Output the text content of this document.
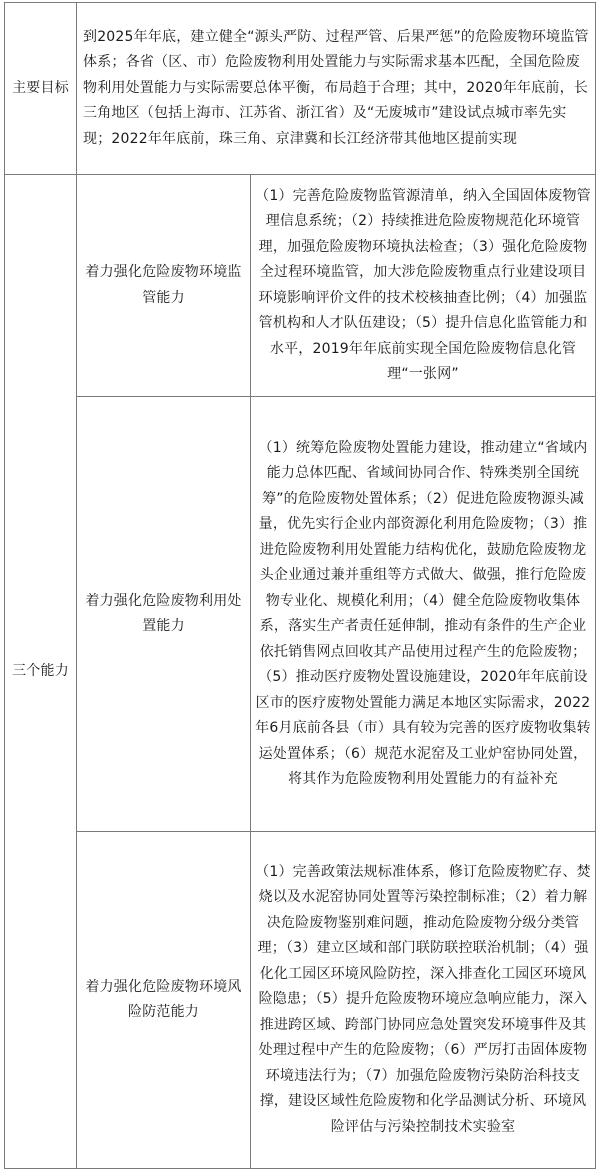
主要目标	到2025年年底，建立健全“源头严防、过程严管、后果严惩”的危险废物环境监管体系；各省（区、市）危险废物利用处置能力与实际需求基本匹配，全国危险废物利用处置能力与实际需要总体平衡，布局趋于合理；其中，2020年年底前，长三角地区（包括上海市、江苏省、浙江省）及“无废城市”建设试点城市率先实现；2022年年底前，珠三角、京津冀和长江经济带其他地区提前实现	
三个能力	着力强化危险废物环境监管能力	（1）完善危险废物监管源清单，纳入全国固体废物管理信息系统；（2）持续推进危险废物规范化环境管理，加强危险废物环境执法检查；（3）强化危险废物全过程环境监管，加大涉危险废物重点行业建设项目环境影响评价文件的技术校核抽查比例；（4）加强监管机构和人才队伍建设；（5）提升信息化监管能力和水平，2019年年底前实现全国危险废物信息化管理“一张网”
	着力强化危险废物利用处置能力	（1）统筹危险废物处置能力建设，推动建立“省域内能力总体匹配、省域间协同合作、特殊类别全国统筹”的危险废物处置体系；（2）促进危险废物源头减量，优先实行企业内部资源化利用危险废物；（3）推进危险废物利用处置能力结构优化，鼓励危险废物龙头企业通过兼并重组等方式做大、做强，推行危险废物专业化、规模化利用；（4）健全危险废物收集体系，落实生产者责任延伸制，推动有条件的生产企业依托销售网点回收其产品使用过程产生的危险废物；（5）推动医疗废物处置设施建设，2020年年底前设区市的医疗废物处置能力满足本地区实际需求，2022年6月底前各县（市）具有较为完善的医疗废物收集转运处置体系；（6）规范水泥窑及工业炉窑协同处置，将其作为危险废物利用处置能力的有益补充
	着力强化危险废物环境风险防范能力	（1）完善政策法规标准体系，修订危险废物贮存、焚烧以及水泥窑协同处置等污染控制标准；（2）着力解决危险废物鉴别难问题，推动危险废物分级分类管理；（3）建立区域和部门联防联控联治机制；（4）强化化工园区环境风险防控，深入排查化工园区环境风险隐患；（5）提升危险废物环境应急响应能力，深入推进跨区域、跨部门协同应急处置突发环境事件及其处理过程中产生的危险废物；（6）严厉打击固体废物环境违法行为；（7）加强危险废物污染防治科技支撑，建设区域性危险废物和化学品测试分析、环境风险评估与污染控制技术实验室
